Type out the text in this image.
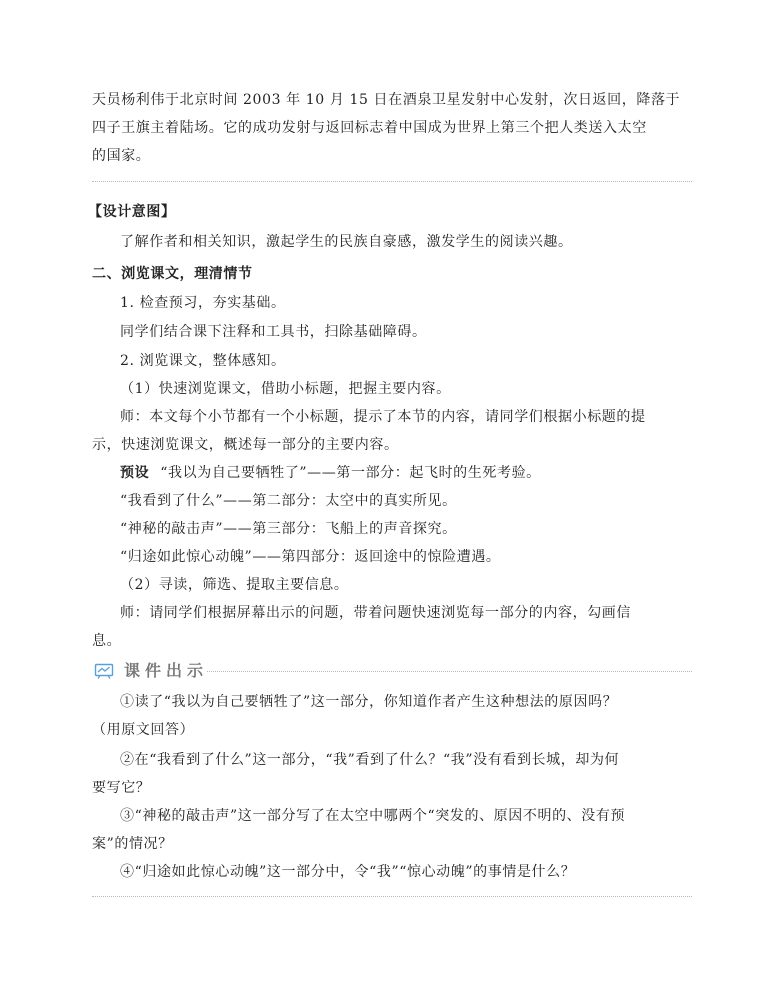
天员杨利伟于北京时间 2003 年 10 月 15 日在酒泉卫星发射中心发射，次日返回，降落于
四子王旗主着陆场。它的成功发射与返回标志着中国成为世界上第三个把人类送入太空
的国家。
【设计意图】
了解作者和相关知识，激起学生的民族自豪感，激发学生的阅读兴趣。
二、浏览课文，理清情节
1. 检查预习，夯实基础。
同学们结合课下注释和工具书，扫除基础障碍。
2. 浏览课文，整体感知。
（1）快速浏览课文，借助小标题，把握主要内容。
师：本文每个小节都有一个小标题，提示了本节的内容，请同学们根据小标题的提
示，快速浏览课文，概述每一部分的主要内容。
预设 “我以为自己要牺牲了”——第一部分：起飞时的生死考验。
“我看到了什么”——第二部分：太空中的真实所见。
“神秘的敲击声”——第三部分：飞船上的声音探究。
“归途如此惊心动魄”——第四部分：返回途中的惊险遭遇。
（2）寻读，筛选、提取主要信息。
师：请同学们根据屏幕出示的问题，带着问题快速浏览每一部分的内容，勾画信
息。
课件出示
①读了“我以为自己要牺牲了”这一部分，你知道作者产生这种想法的原因吗？
（用原文回答）
②在“我看到了什么”这一部分，“我”看到了什么？“我”没有看到长城，却为何
要写它？
③“神秘的敲击声”这一部分写了在太空中哪两个“突发的、原因不明的、没有预
案”的情况？
④“归途如此惊心动魄”这一部分中，令“我”“惊心动魄”的事情是什么？
